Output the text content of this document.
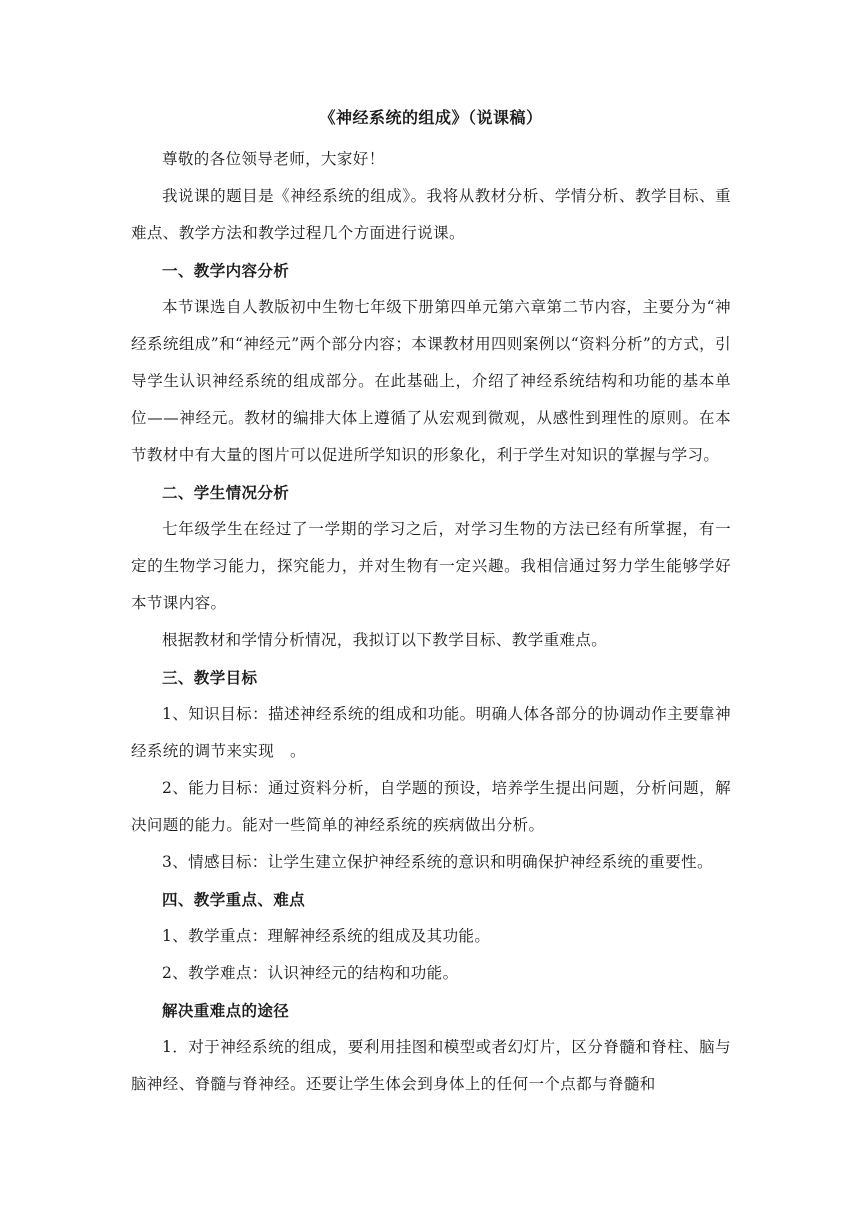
《神经系统的组成》（说课稿）

尊敬的各位领导老师，大家好！

我说课的题目是《神经系统的组成》。我将从教材分析、学情分析、教学目标、重难点、教学方法和教学过程几个方面进行说课。

一、教学内容分析

本节课选自人教版初中生物七年级下册第四单元第六章第二节内容，主要分为“神经系统组成”和“神经元”两个部分内容；本课教材用四则案例以“资料分析”的方式，引导学生认识神经系统的组成部分。在此基础上，介绍了神经系统结构和功能的基本单位——神经元。教材的编排大体上遵循了从宏观到微观，从感性到理性的原则。在本节教材中有大量的图片可以促进所学知识的形象化，利于学生对知识的掌握与学习。

二、学生情况分析

七年级学生在经过了一学期的学习之后，对学习生物的方法已经有所掌握，有一定的生物学习能力，探究能力，并对生物有一定兴趣。我相信通过努力学生能够学好本节课内容。

根据教材和学情分析情况，我拟订以下教学目标、教学重难点。

三、教学目标

1、知识目标：描述神经系统的组成和功能。明确人体各部分的协调动作主要靠神经系统的调节来实现　。

2、能力目标：通过资料分析，自学题的预设，培养学生提出问题，分析问题，解决问题的能力。能对一些简单的神经系统的疾病做出分析。

3、情感目标：让学生建立保护神经系统的意识和明确保护神经系统的重要性。

四、教学重点、难点

1、教学重点：理解神经系统的组成及其功能。

2、教学难点：认识神经元的结构和功能。

解决重难点的途径

1．对于神经系统的组成，要利用挂图和模型或者幻灯片，区分脊髓和脊柱、脑与脑神经、脊髓与脊神经。还要让学生体会到身体上的任何一个点都与脊髓和
